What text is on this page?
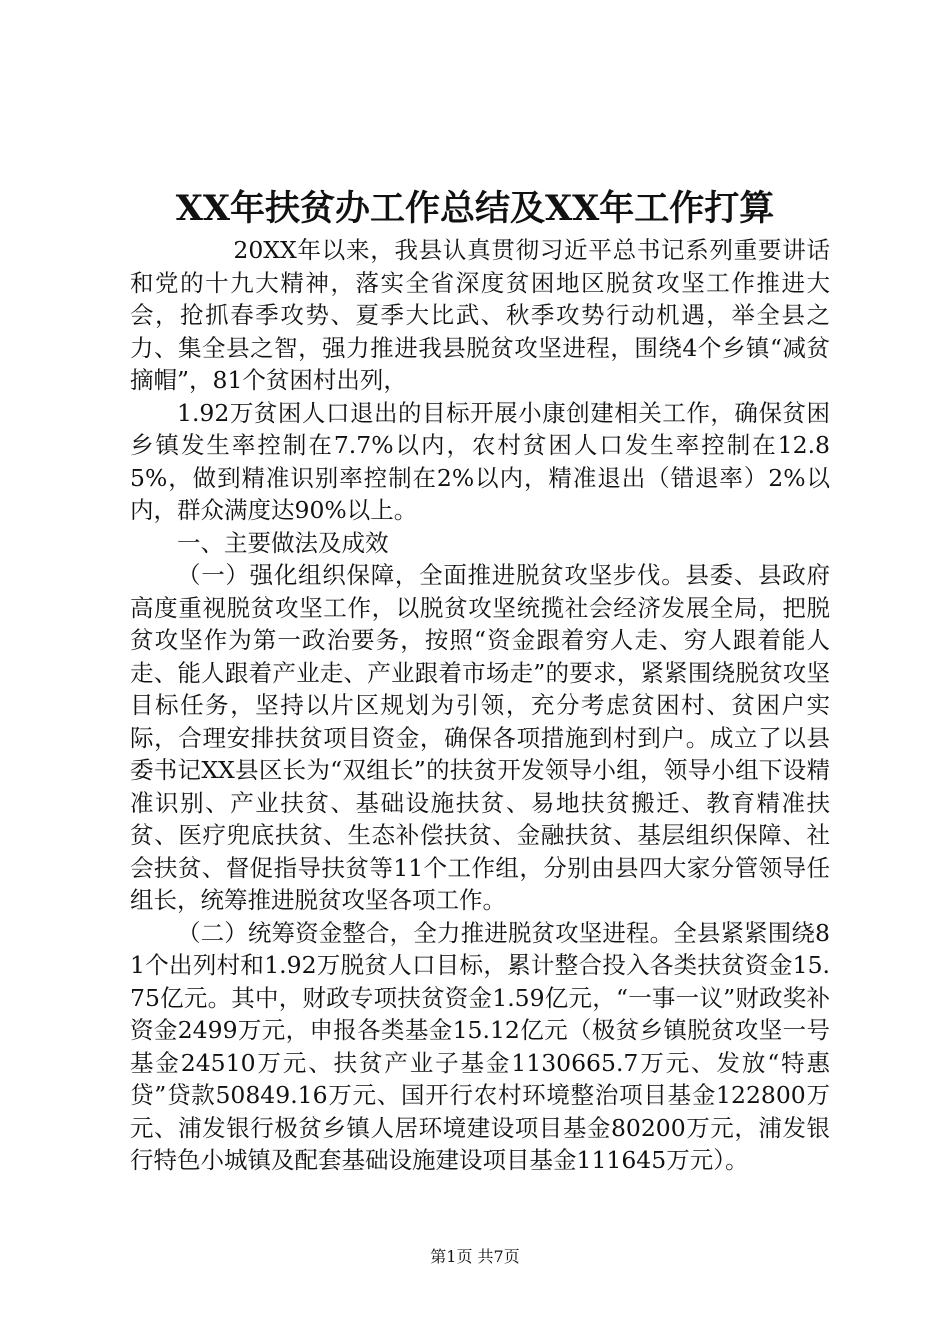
XX年扶贫办工作总结及XX年工作打算

20XX年以来，我县认真贯彻习近平总书记系列重要讲话和党的十九大精神，落实全省深度贫困地区脱贫攻坚工作推进大会，抢抓春季攻势、夏季大比武、秋季攻势行动机遇，举全县之力、集全县之智，强力推进我县脱贫攻坚进程，围绕4个乡镇“减贫摘帽”，81个贫困村出列，

1.92万贫困人口退出的目标开展小康创建相关工作，确保贫困乡镇发生率控制在7.7%以内，农村贫困人口发生率控制在12.85%，做到精准识别率控制在2%以内，精准退出（错退率）2%以内，群众满度达90%以上。

一、主要做法及成效

（一）强化组织保障，全面推进脱贫攻坚步伐。县委、县政府高度重视脱贫攻坚工作，以脱贫攻坚统揽社会经济发展全局，把脱贫攻坚作为第一政治要务，按照“资金跟着穷人走、穷人跟着能人走、能人跟着产业走、产业跟着市场走”的要求，紧紧围绕脱贫攻坚目标任务，坚持以片区规划为引领，充分考虑贫困村、贫困户实际，合理安排扶贫项目资金，确保各项措施到村到户。成立了以县委书记XX县区长为“双组长”的扶贫开发领导小组，领导小组下设精准识别、产业扶贫、基础设施扶贫、易地扶贫搬迁、教育精准扶贫、医疗兜底扶贫、生态补偿扶贫、金融扶贫、基层组织保障、社会扶贫、督促指导扶贫等11个工作组，分别由县四大家分管领导任组长，统筹推进脱贫攻坚各项工作。

（二）统筹资金整合，全力推进脱贫攻坚进程。全县紧紧围绕81个出列村和1.92万脱贫人口目标，累计整合投入各类扶贫资金15.75亿元。其中，财政专项扶贫资金1.59亿元，“一事一议”财政奖补资金2499万元，申报各类基金15.12亿元（极贫乡镇脱贫攻坚一号基金24510万元、扶贫产业子基金1130665.7万元、发放“特惠贷”贷款50849.16万元、国开行农村环境整治项目基金122800万元、浦发银行极贫乡镇人居环境建设项目基金80200万元，浦发银行特色小城镇及配套基础设施建设项目基金111645万元）。

第1页 共7页
